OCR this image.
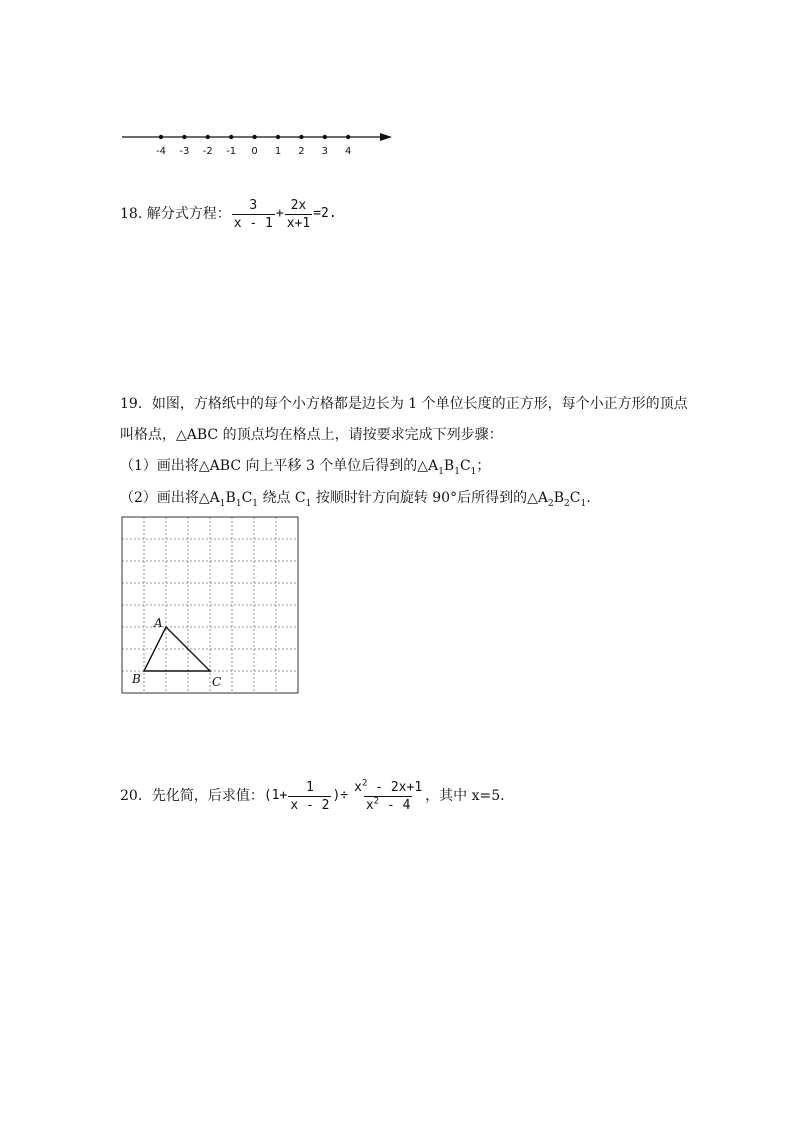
-4 -3 -2 -1 0 1 2 3 4
18. 解分式方程： $\frac{3}{x - 1} + \frac{2x}{x+1} =2$.
19．如图，方格纸中的每个小方格都是边长为 1 个单位长度的正方形，每个小正方形的顶点
叫格点，△ABC 的顶点均在格点上，请按要求完成下列步骤：
（1）画出将△ABC 向上平移 3 个单位后得到的$\triangle A_1B_1C_1$；
（2）画出将$\triangle A_1B_1C_1$ 绕点 $C_1$ 按顺时针方向旋转 90°后所得到的$\triangle A_2B_2C_1$.
A
B	C
20．先化简，后求值： ($1+ \frac{1}{x - 2}$ )÷ $\frac{x^2 - 2x+1}{x^2 - 4}$ ，其中 x=5.
